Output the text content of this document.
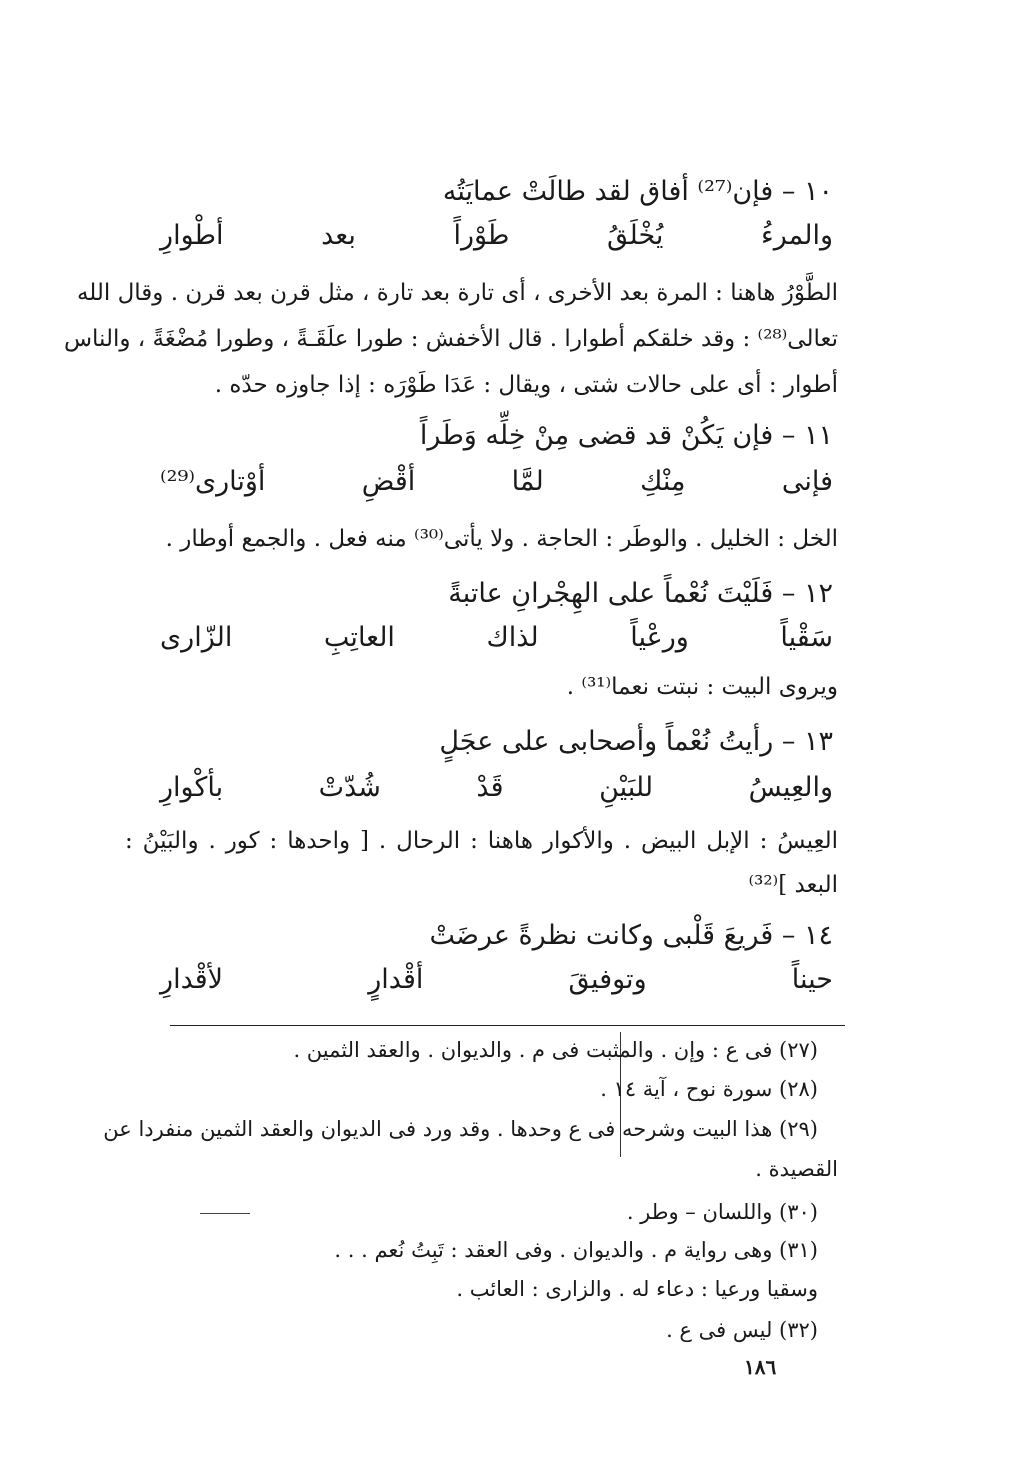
١٠ – فإن⁽²⁷⁾ أفاق لقد طالَتْ عمايَتُه
والمرءُ
يُخْلَقُ
طَوْراً
بعد
أطْوارِ
الطَّوْرُ هاهنا : المرة بعد الأخرى ، أى تارة بعد تارة ، مثل قرن بعد قرن . وقال الله
تعالى⁽²⁸⁾ : وقد خلقكم أطوارا . قال الأخفش : طورا علَقَـةً ، وطورا مُضْغَةً ، والناس
أطوار : أى على حالات شتى ، ويقال : عَدَا طَوْرَه : إذا جاوزه حدّه .
١١ – فإن يَكُنْ قد قضى مِنْ خِلِّه وَطَراً
فإنى
مِنْكِ
لمَّا
أقْضِ
أوْتارى⁽²⁹⁾
الخل : الخليل . والوطَر : الحاجة . ولا يأتى⁽³⁰⁾ منه فعل . والجمع أوطار .
١٢ – فَلَيْتَ نُعْماً على الهِجْرانِ عاتبةً
سَقْياً
ورعْياً
لذاك
العاتِبِ
الزّارى
ويروى البيت : نبتت نعما⁽³¹⁾ .
١٣ – رأيتُ نُعْماً وأصحابى على عجَلٍ
والعِيسُ
للبَيْنِ
قَدْ
شُدّتْ
بأكْوارِ
العِيسُ : الإبل البيض . والأكوار هاهنا : الرحال . [ واحدها : كور . والبَيْنُ :
البعد ]⁽³²⁾
١٤ – فَريعَ قَلْبى وكانت نظرةً عرضَتْ
حيناً
وتوفيقَ
أقْدارٍ
لأقْدارِ
(٢٧) فى ع : وإن . والمثبت فى م . والديوان . والعقد الثمين .
(٢٨) سورة نوح ، آية ١٤ .
(٢٩) هذا البيت وشرحه فى ع وحدها . وقد ورد فى الديوان والعقد الثمين منفردا عن
القصيدة .
(٣٠) واللسان – وطر .
(٣١) وهى رواية م . والديوان . وفى العقد : تَبِتُ نُعم . . .
وسقيا ورعيا : دعاء له . والزارى : العائب .
(٣٢) ليس فى ع .
١٨٦
